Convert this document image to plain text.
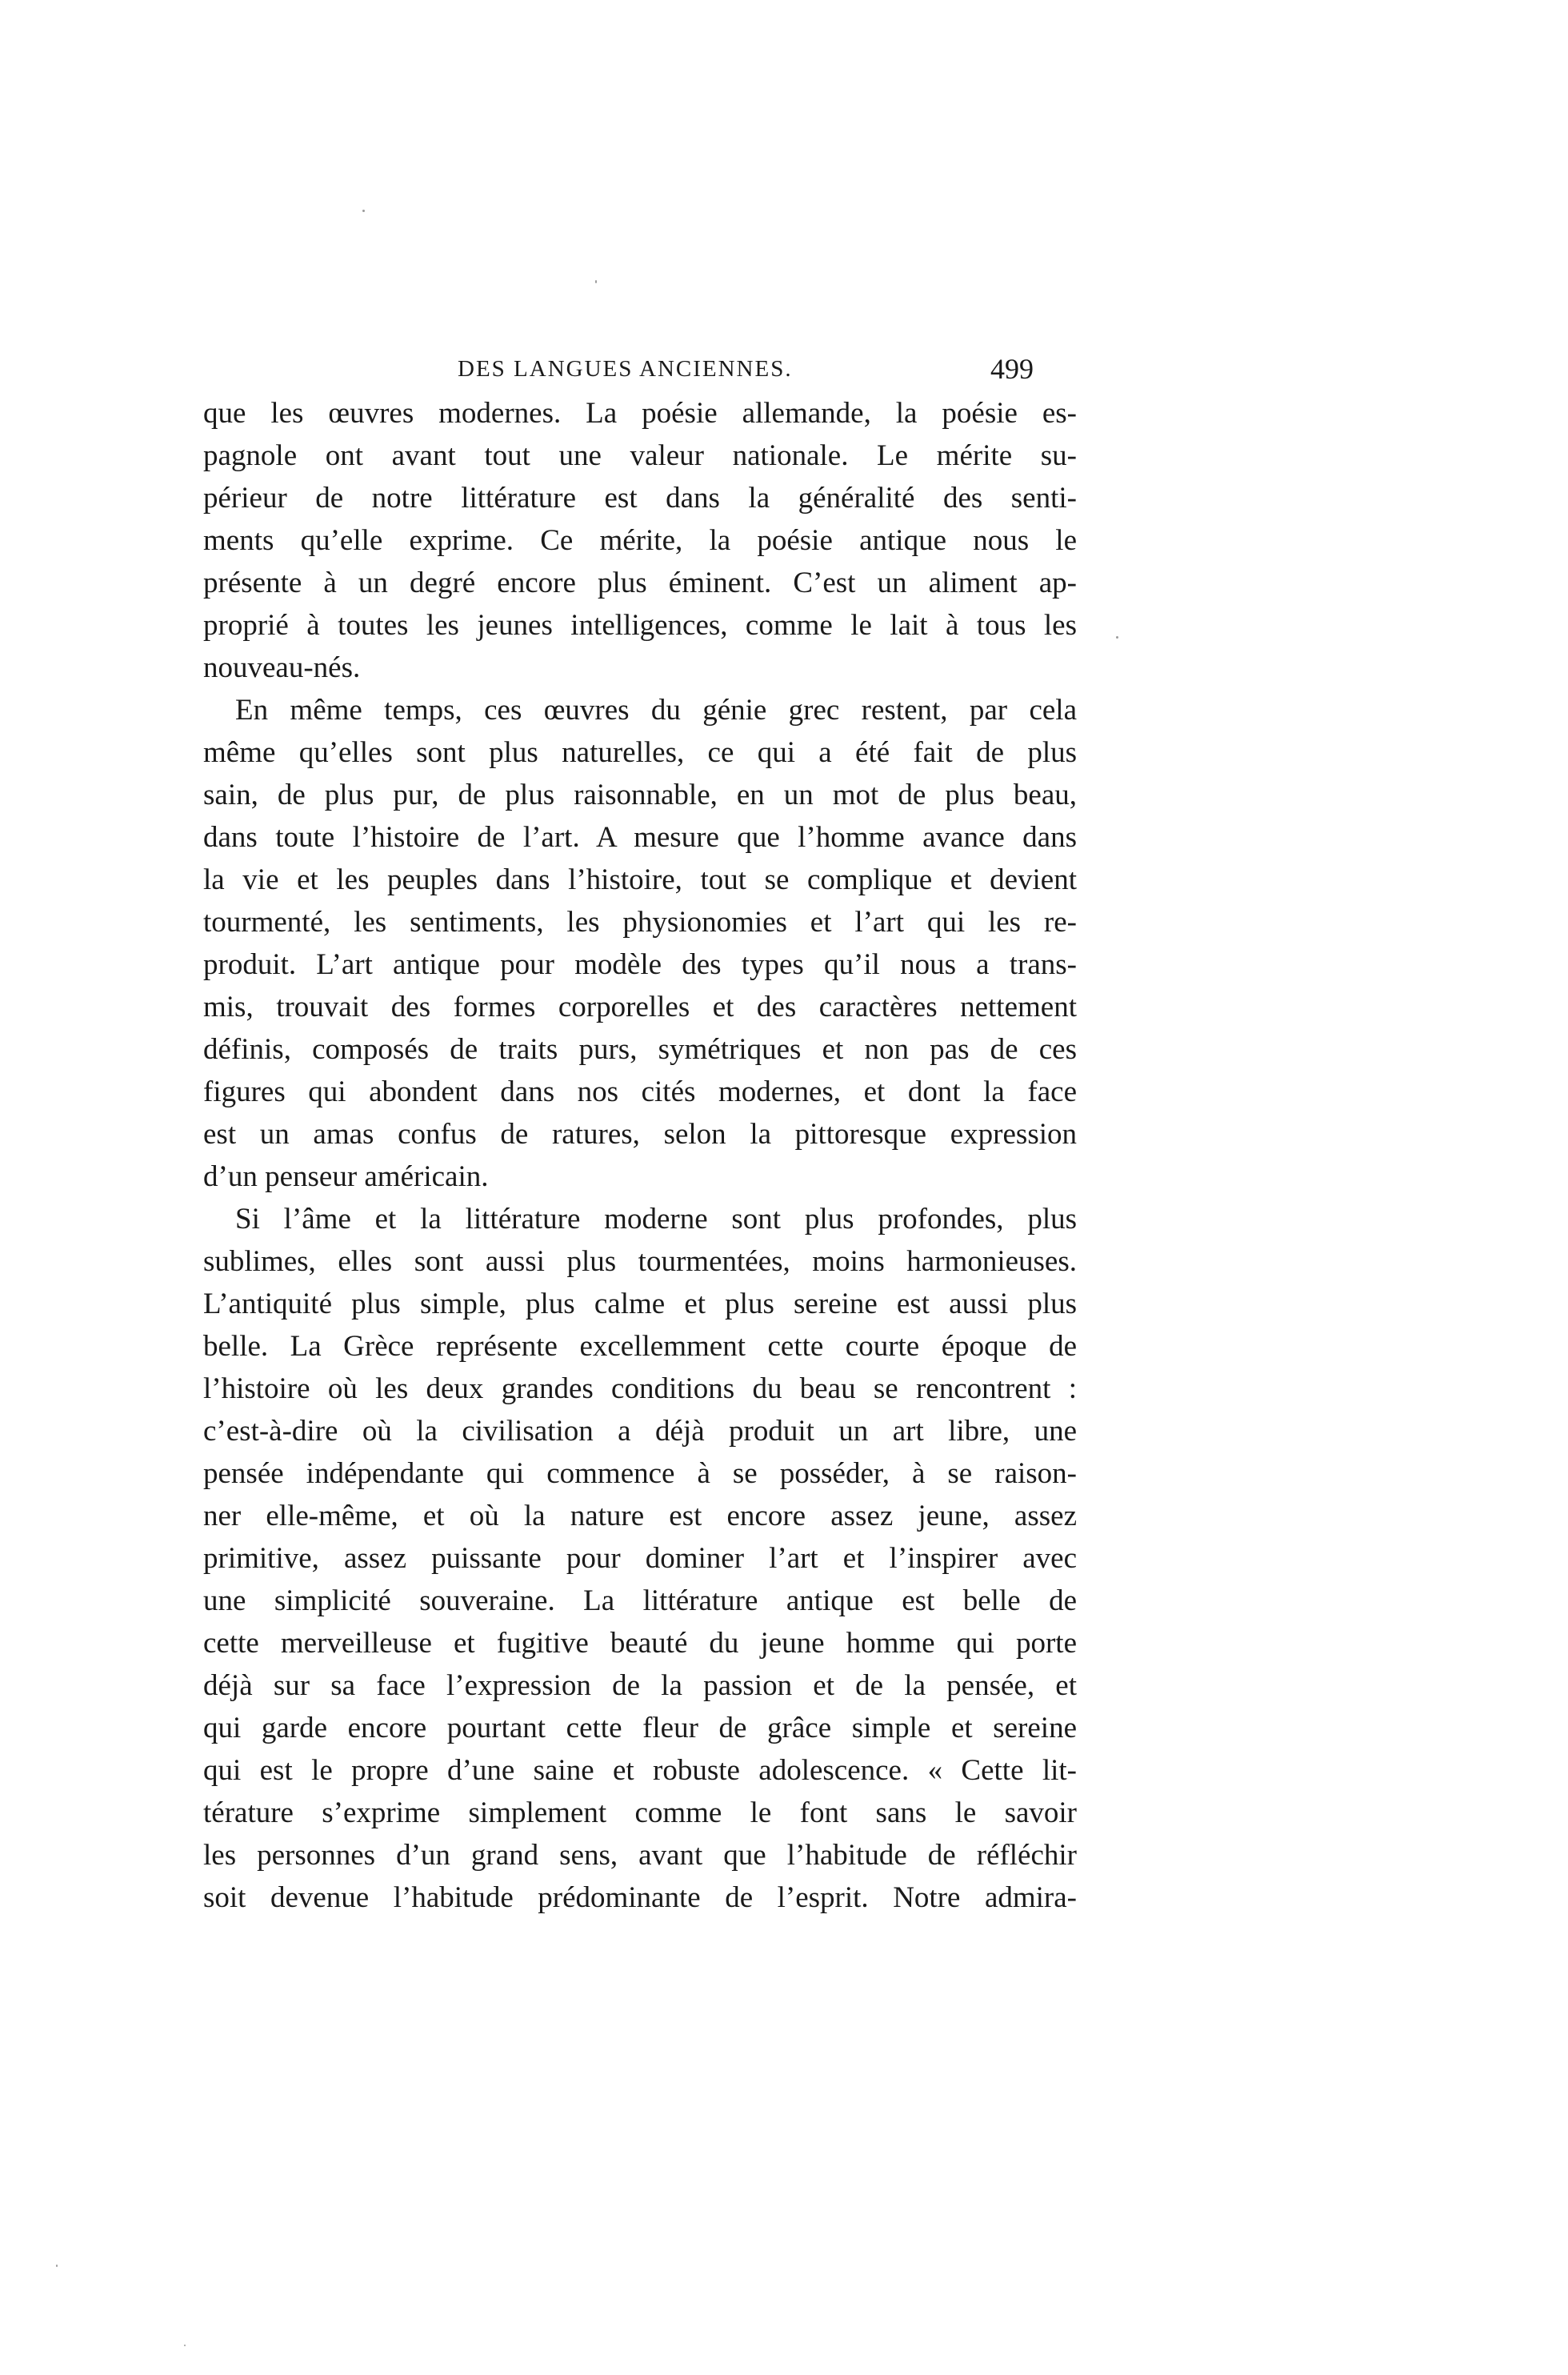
DES LANGUES ANCIENNES.	499
que les œuvres modernes. La poésie allemande, la poésie es-
pagnole ont avant tout une valeur nationale. Le mérite su-
périeur de notre littérature est dans la généralité des senti-
ments qu’elle exprime. Ce mérite, la poésie antique nous le
présente à un degré encore plus éminent. C’est un aliment ap-
proprié à toutes les jeunes intelligences, comme le lait à tous les
nouveau-nés.
En même temps, ces œuvres du génie grec restent, par cela
même qu’elles sont plus naturelles, ce qui a été fait de plus
sain, de plus pur, de plus raisonnable, en un mot de plus beau,
dans toute l’histoire de l’art. A mesure que l’homme avance dans
la vie et les peuples dans l’histoire, tout se complique et devient
tourmenté, les sentiments, les physionomies et l’art qui les re-
produit. L’art antique pour modèle des types qu’il nous a trans-
mis, trouvait des formes corporelles et des caractères nettement
définis, composés de traits purs, symétriques et non pas de ces
figures qui abondent dans nos cités modernes, et dont la face
est un amas confus de ratures, selon la pittoresque expression
d’un penseur américain.
Si l’âme et la littérature moderne sont plus profondes, plus
sublimes, elles sont aussi plus tourmentées, moins harmonieuses.
L’antiquité plus simple, plus calme et plus sereine est aussi plus
belle. La Grèce représente excellemment cette courte époque de
l’histoire où les deux grandes conditions du beau se rencontrent :
c’est-à-dire où la civilisation a déjà produit un art libre, une
pensée indépendante qui commence à se posséder, à se raison-
ner elle-même, et où la nature est encore assez jeune, assez
primitive, assez puissante pour dominer l’art et l’inspirer avec
une simplicité souveraine. La littérature antique est belle de
cette merveilleuse et fugitive beauté du jeune homme qui porte
déjà sur sa face l’expression de la passion et de la pensée, et
qui garde encore pourtant cette fleur de grâce simple et sereine
qui est le propre d’une saine et robuste adolescence. « Cette lit-
térature s’exprime simplement comme le font sans le savoir
les personnes d’un grand sens, avant que l’habitude de réfléchir
soit devenue l’habitude prédominante de l’esprit. Notre admira-
